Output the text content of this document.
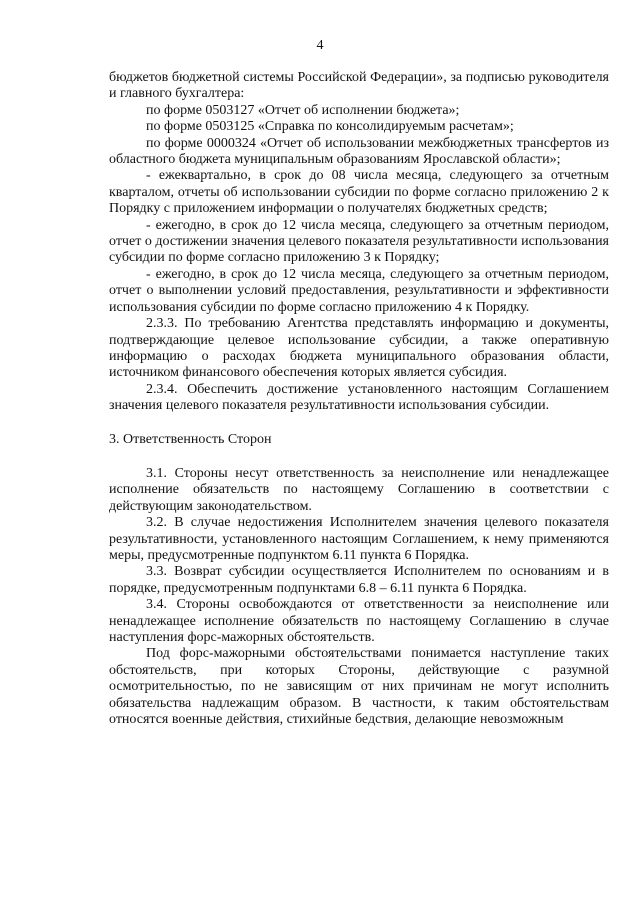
4

бюджетов бюджетной системы Российской Федерации», за подписью руководителя и главного бухгалтера:

по форме 0503127 «Отчет об исполнении бюджета»;

по форме 0503125 «Справка по консолидируемым расчетам»;

по форме 0000324 «Отчет об использовании межбюджетных трансфертов из областного бюджета муниципальным образованиям Ярославской области»;

- ежеквартально, в срок до 08 числа месяца, следующего за отчетным кварталом, отчеты об использовании субсидии по форме согласно приложению 2 к Порядку с приложением информации о получателях бюджетных средств;

- ежегодно, в срок до 12 числа месяца, следующего за отчетным периодом, отчет о достижении значения целевого показателя результативности использования субсидии по форме согласно приложению 3 к Порядку;

- ежегодно, в срок до 12 числа месяца, следующего за отчетным периодом, отчет о выполнении условий предоставления, результативности и эффективности использования субсидии по форме согласно приложению 4 к Порядку.

2.3.3. По требованию Агентства представлять информацию и документы, подтверждающие целевое использование субсидии, а также оперативную информацию о расходах бюджета муниципального образования области, источником финансового обеспечения которых является субсидия.

2.3.4. Обеспечить достижение установленного настоящим Соглашением значения целевого показателя результативности использования субсидии.

3. Ответственность Сторон

3.1. Стороны несут ответственность за неисполнение или ненадлежащее исполнение обязательств по настоящему Соглашению в соответствии с действующим законодательством.

3.2. В случае недостижения Исполнителем значения целевого показателя результативности, установленного настоящим Соглашением, к нему применяются меры, предусмотренные подпунктом 6.11 пункта 6 Порядка.

3.3. Возврат субсидии осуществляется Исполнителем по основаниям и в порядке, предусмотренным подпунктами 6.8 – 6.11 пункта 6 Порядка.

3.4. Стороны освобождаются от ответственности за неисполнение или ненадлежащее исполнение обязательств по настоящему Соглашению в случае наступления форс-мажорных обстоятельств.

Под форс-мажорными обстоятельствами понимается наступление таких обстоятельств, при которых Стороны, действующие с разумной осмотрительностью, по не зависящим от них причинам не могут исполнить обязательства надлежащим образом. В частности, к таким обстоятельствам относятся военные действия, стихийные бедствия, делающие невозможным
